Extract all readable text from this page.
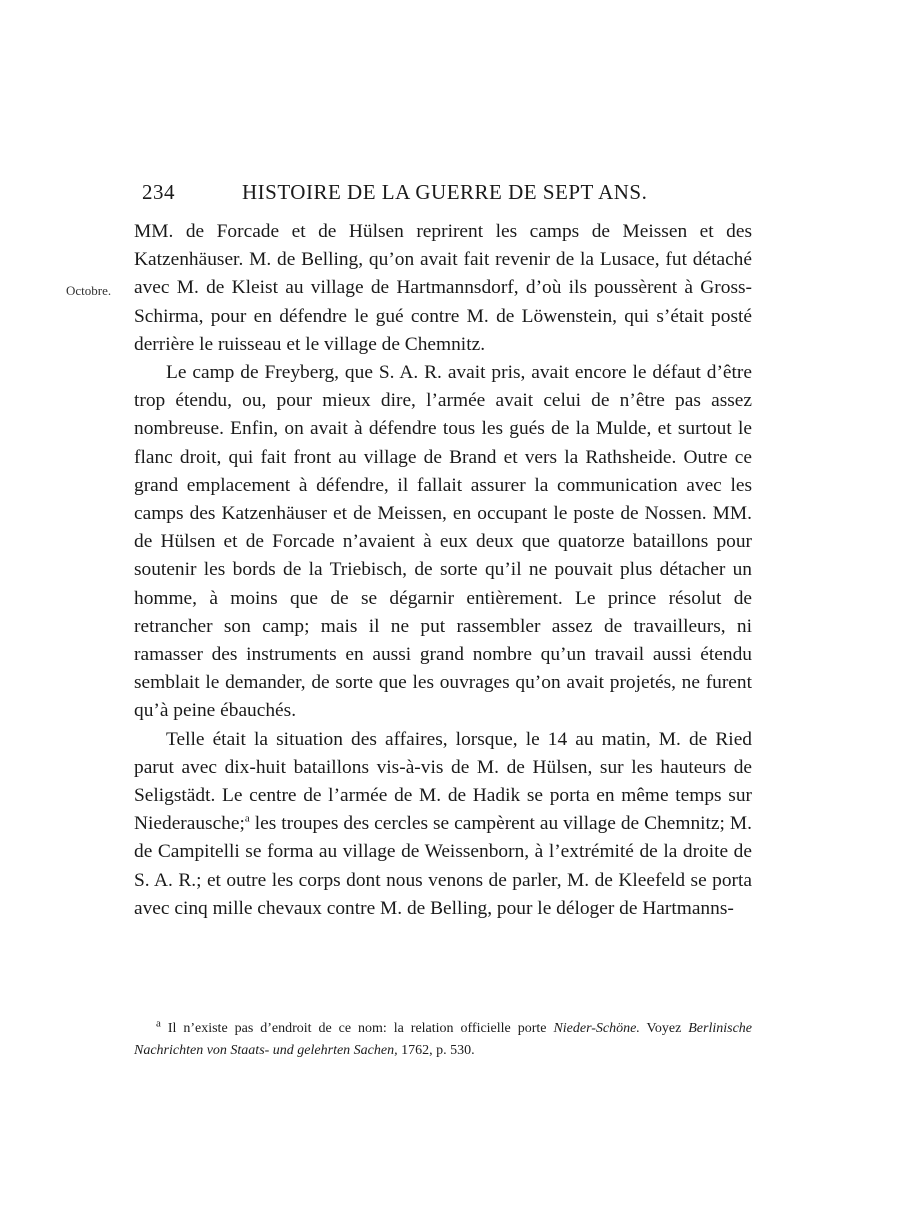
234	HISTOIRE DE LA GUERRE DE SEPT ANS.
Octobre.

MM. de Forcade et de Hülsen reprirent les camps de Meissen et des Katzenhäuser. M. de Belling, qu’on avait fait revenir de la Lusace, fut détaché avec M. de Kleist au village de Hartmannsdorf, d’où ils poussèrent à Gross-Schirma, pour en défendre le gué contre M. de Löwenstein, qui s’était posté derrière le ruisseau et le village de Chemnitz.

Le camp de Freyberg, que S. A. R. avait pris, avait encore le défaut d’être trop étendu, ou, pour mieux dire, l’armée avait celui de n’être pas assez nombreuse. Enfin, on avait à défendre tous les gués de la Mulde, et surtout le flanc droit, qui fait front au village de Brand et vers la Rathsheide. Outre ce grand emplacement à défendre, il fallait assurer la communication avec les camps des Katzenhäuser et de Meissen, en occupant le poste de Nossen. MM. de Hülsen et de Forcade n’avaient à eux deux que quatorze bataillons pour soutenir les bords de la Triebisch, de sorte qu’il ne pouvait plus détacher un homme, à moins que de se dégarnir entièrement. Le prince résolut de retrancher son camp; mais il ne put rassembler assez de travailleurs, ni ramasser des instruments en aussi grand nombre qu’un travail aussi étendu semblait le demander, de sorte que les ouvrages qu’on avait projetés, ne furent qu’à peine ébauchés.

Telle était la situation des affaires, lorsque, le 14 au matin, M. de Ried parut avec dix-huit bataillons vis-à-vis de M. de Hülsen, sur les hauteurs de Seligstädt. Le centre de l’armée de M. de Hadik se porta en même temps sur Niederausche;$^a$ les troupes des cercles se campèrent au village de Chemnitz; M. de Campitelli se forma au village de Weissenborn, à l’extrémité de la droite de S. A. R.; et outre les corps dont nous venons de parler, M. de Kleefeld se porta avec cinq mille chevaux contre M. de Belling, pour le déloger de Hartmanns-

$^a$ Il n’existe pas d’endroit de ce nom: la relation officielle porte Nieder-Schöne. Voyez Berlinische Nachrichten von Staats- und gelehrten Sachen, 1762, p. 530.
